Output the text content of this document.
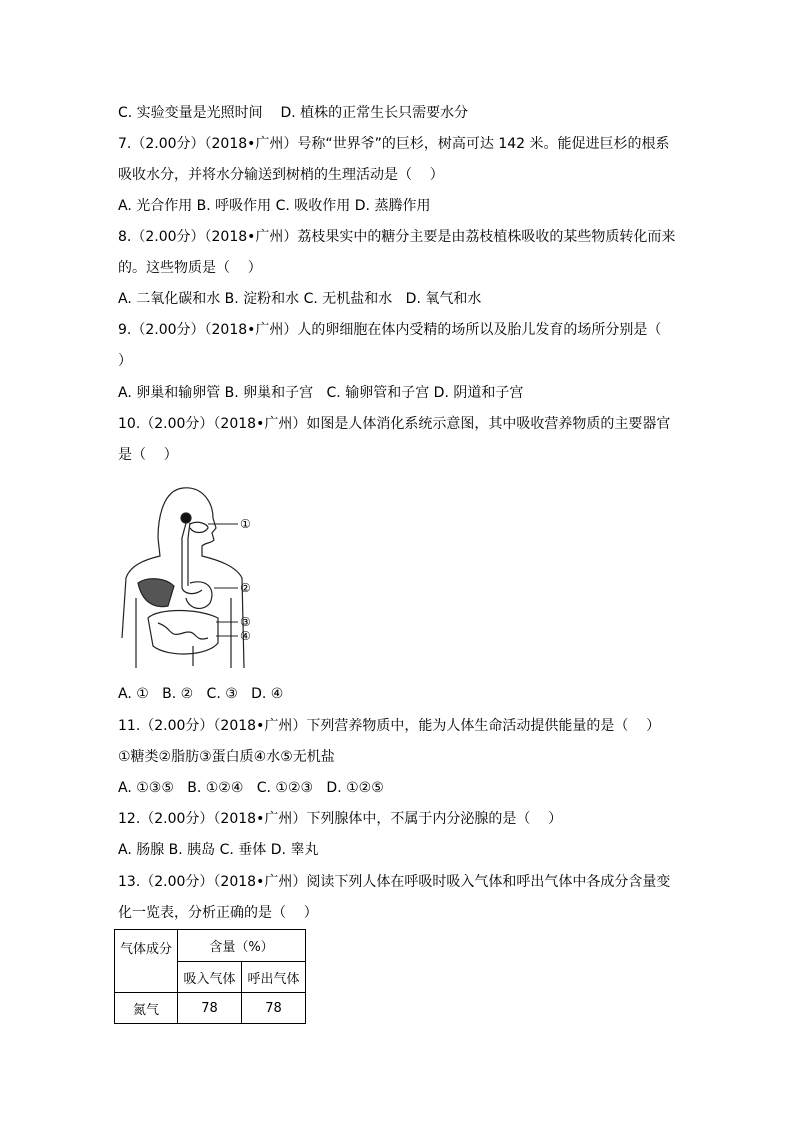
C. 实验变量是光照时间    D. 植株的正常生长只需要水分
7.（2.00分）（2018•广州）号称“世界爷”的巨杉，树高可达 142 米。能促进巨杉的根系
吸收水分，并将水分输送到树梢的生理活动是（    ）
A. 光合作用 B. 呼吸作用 C. 吸收作用 D. 蒸腾作用
8.（2.00分）（2018•广州）荔枝果实中的糖分主要是由荔枝植株吸收的某些物质转化而来
的。这些物质是（    ）
A. 二氧化碳和水 B. 淀粉和水 C. 无机盐和水   D. 氧气和水
9.（2.00分）（2018•广州）人的卵细胞在体内受精的场所以及胎儿发育的场所分别是（
）
A. 卵巢和输卵管 B. 卵巢和子宫   C. 输卵管和子宫 D. 阴道和子宫
10.（2.00分）（2018•广州）如图是人体消化系统示意图，其中吸收营养物质的主要器官
是（    ）
①
②
③
④
A. ①   B. ②   C. ③   D. ④
11.（2.00分）（2018•广州）下列营养物质中，能为人体生命活动提供能量的是（    ）
①糖类②脂肪③蛋白质④水⑤无机盐
A. ①③⑤   B. ①②④   C. ①②③   D. ①②⑤
12.（2.00分）（2018•广州）下列腺体中，不属于内分泌腺的是（    ）
A. 肠腺 B. 胰岛 C. 垂体 D. 睾丸
13.（2.00分）（2018•广州）阅读下列人体在呼吸时吸入气体和呼出气体中各成分含量变
化一览表，分析正确的是（    ）
气体成分	含量（%）	
	吸入气体	呼出气体
氮气	78	78
